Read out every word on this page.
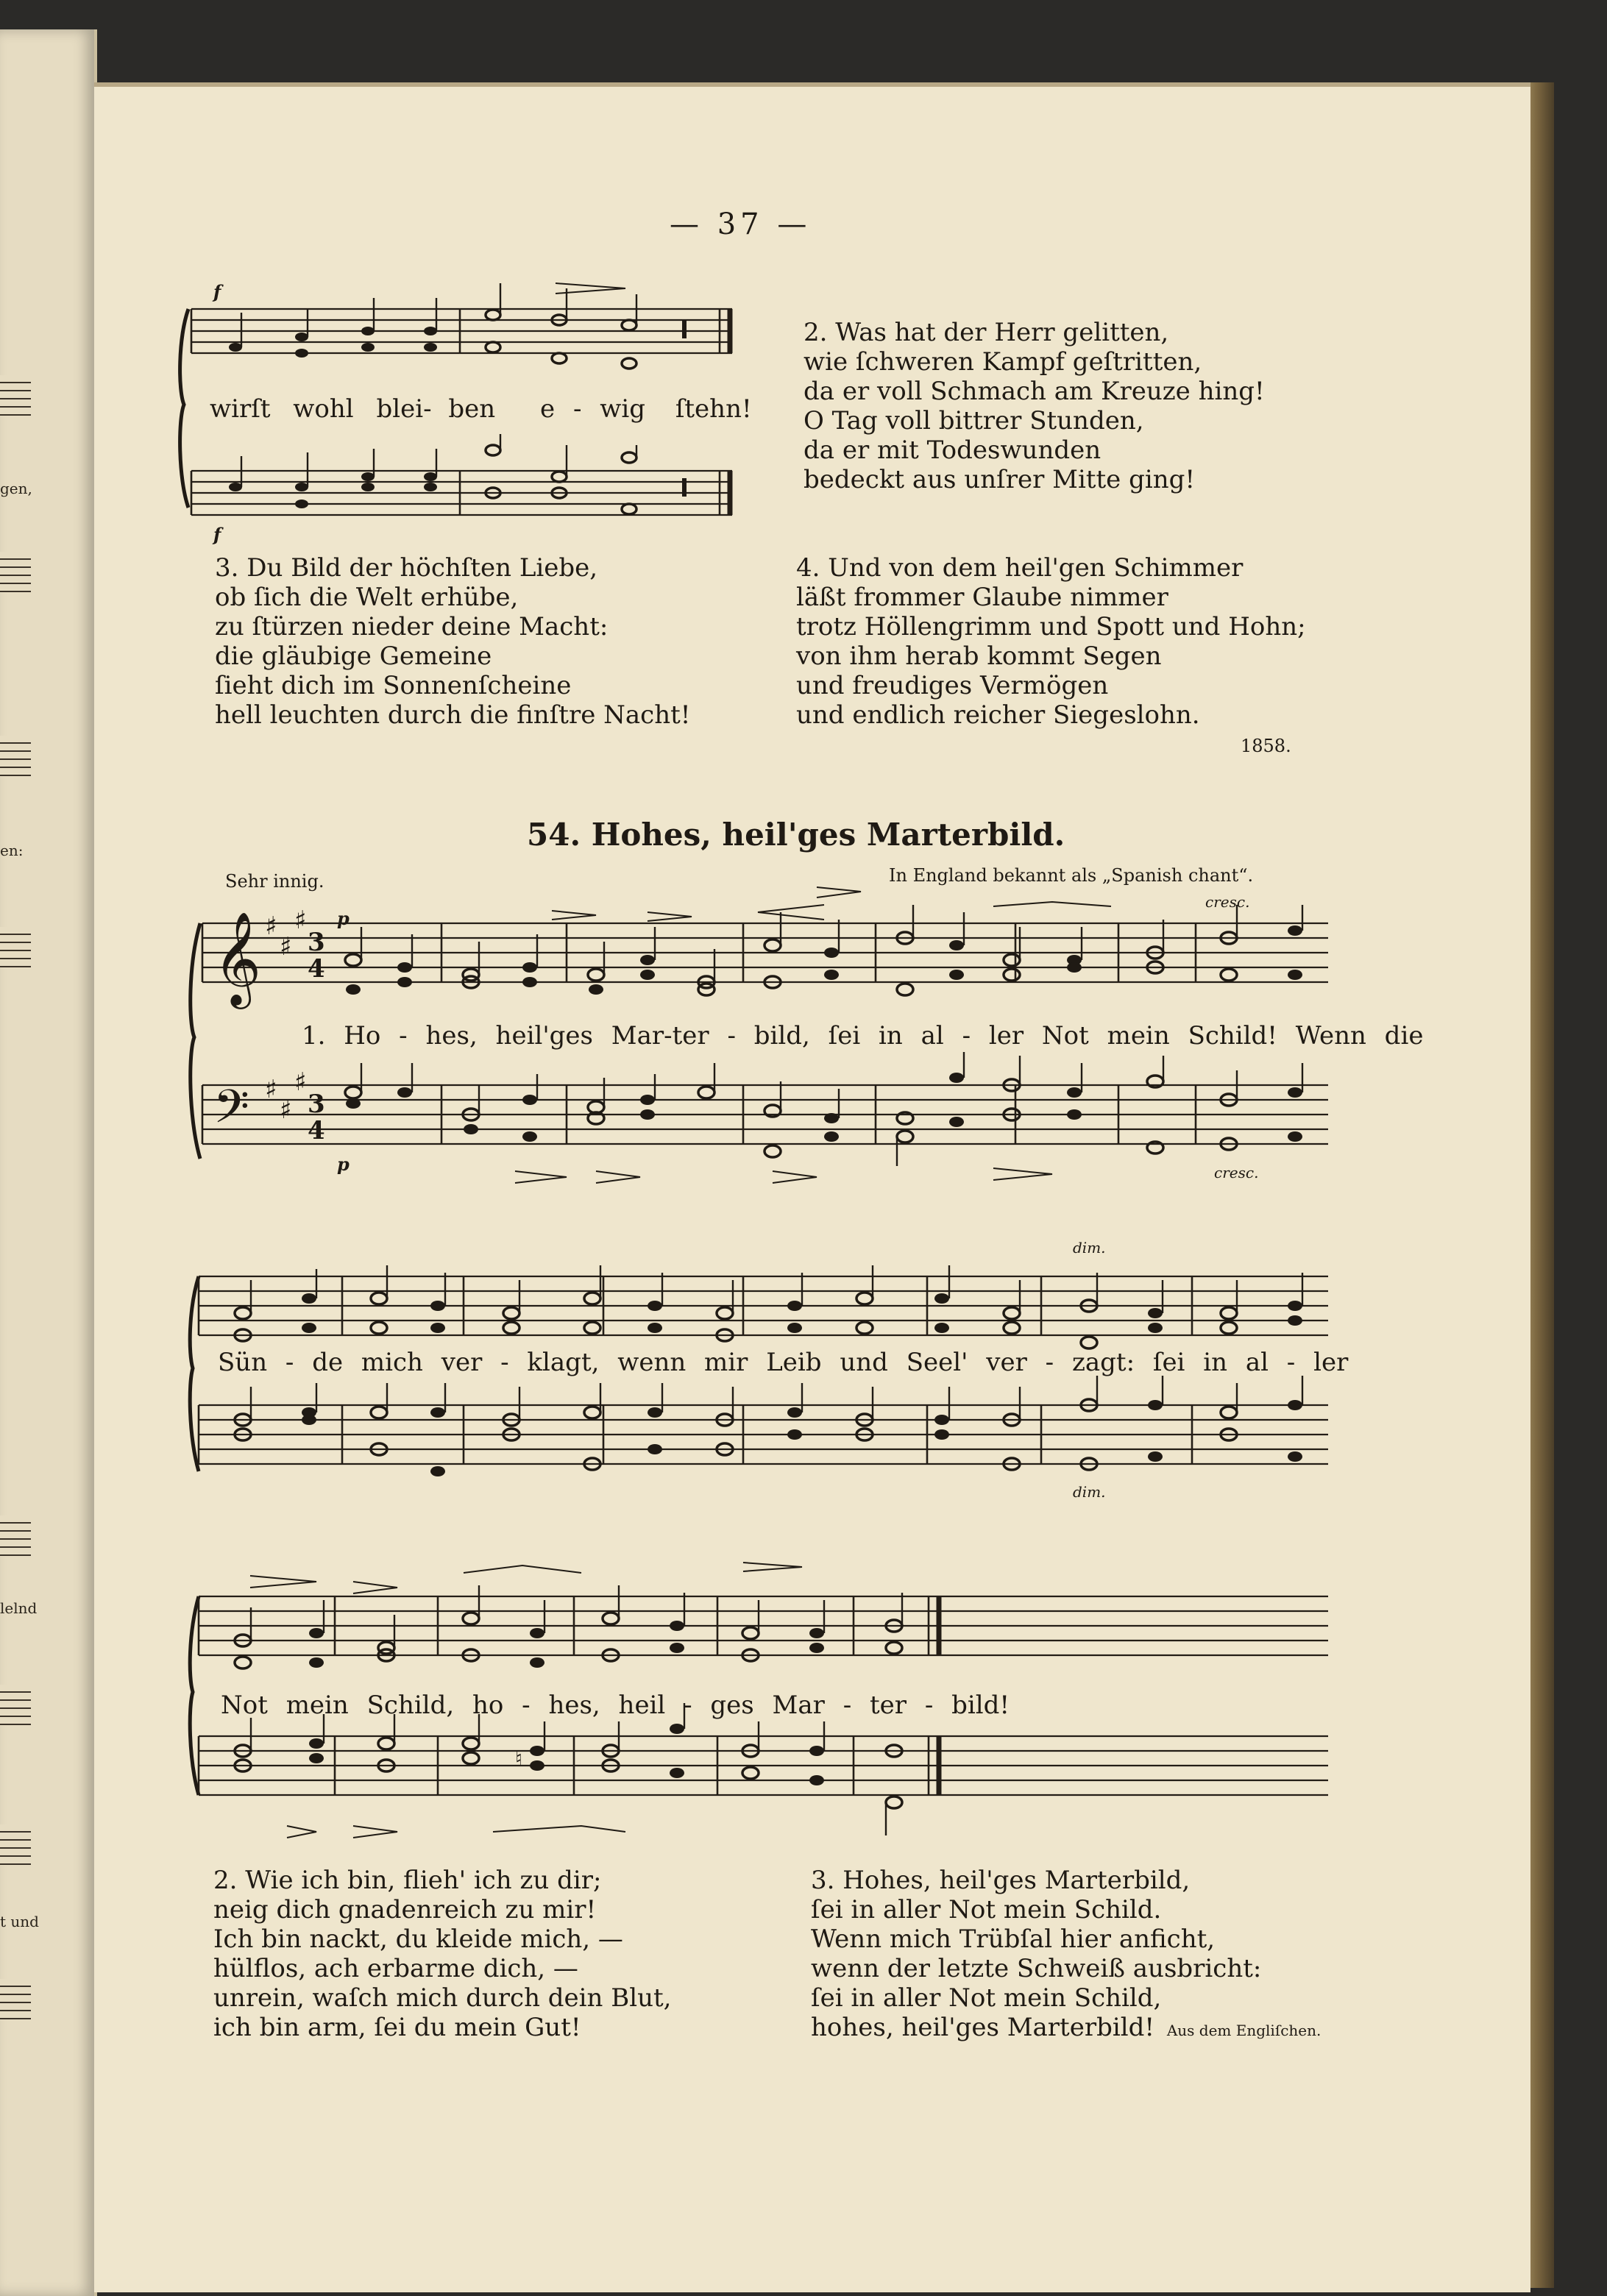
gen,
en:
lelnd
t und
— 37 —
f
f
wirſt wohl blei- ben e - wig ſtehn!
2. Was hat der Herr gelitten,
wie ſchweren Kampf geſtritten,
da er voll Schmach am Kreuze hing!
O Tag voll bittrer Stunden,
da er mit Todeswunden
bedeckt aus unſrer Mitte ging!
3. Du Bild der höchſten Liebe,
ob ſich die Welt erhübe,
zu ſtürzen nieder deine Macht:
die gläubige Gemeine
ſieht dich im Sonnenſcheine
hell leuchten durch die finſtre Nacht!
4. Und von dem heil'gen Schimmer
läßt frommer Glaube nimmer
trotz Höllengrimm und Spott und Hohn;
von ihm herab kommt Segen
und freudiges Vermögen
und endlich reicher Siegeslohn.
1858.
54. Hohes, heil'ges Marterbild.
Sehr innig.	In England bekannt als „Spanish chant“.
𝄞
𝄢
♯
♯
♯
♯
♯
♯
3
4
3
4
p
p
cresc.
cresc.
1. Ho - hes, heil'ges Mar-ter - bild, ſei in al - ler Not mein Schild! Wenn die
dim.
dim.
Sün - de mich ver - klagt, wenn mir Leib und Seel' ver - zagt: ſei in al - ler
♮
Not mein Schild, ho - hes, heil - ges Mar - ter - bild!
2. Wie ich bin, flieh' ich zu dir;
neig dich gnadenreich zu mir!
Ich bin nackt, du kleide mich, —
hülflos, ach erbarme dich, —
unrein, waſch mich durch dein Blut,
ich bin arm, ſei du mein Gut!
3. Hohes, heil'ges Marterbild,
ſei in aller Not mein Schild.
Wenn mich Trübſal hier anficht,
wenn der letzte Schweiß ausbricht:
ſei in aller Not mein Schild,
hohes, heil'ges Marterbild! Aus dem Engliſchen.
